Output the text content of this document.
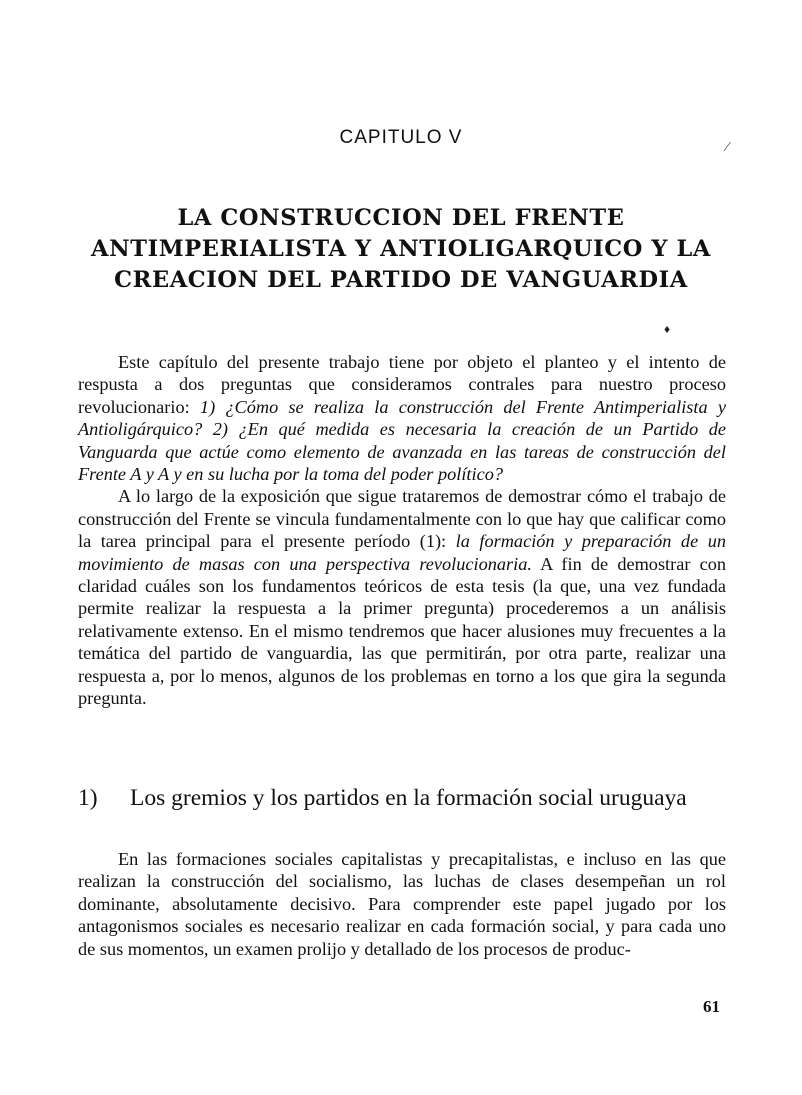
CAPITULO V	⁄
LA CONSTRUCCION DEL FRENTE
ANTIMPERIALISTA Y ANTIOLIGARQUICO Y LA
CREACION DEL PARTIDO DE VANGUARDIA
♦

Este capítulo del presente trabajo tiene por objeto el planteo y el intento de respusta a dos preguntas que consideramos contrales para nuestro proceso revolucionario: 1) ¿Cómo se realiza la construcción del Frente Antimperialista y Antioligárquico? 2) ¿En qué medida es necesaria la creación de un Partido de Vanguarda que actúe como elemento de avanzada en las tareas de construcción del Frente A y A y en su lucha por la toma del poder político?

A lo largo de la exposición que sigue trataremos de demostrar cómo el trabajo de construcción del Frente se vincula fundamentalmente con lo que hay que calificar como la tarea principal para el presente período (1): la formación y preparación de un movimiento de masas con una perspectiva revolucionaria. A fin de demostrar con claridad cuáles son los fundamentos teóricos de esta tesis (la que, una vez fundada permite realizar la respuesta a la primer pregunta) procederemos a un análisis relativamente extenso. En el mismo tendremos que hacer alusiones muy frecuentes a la temática del partido de vanguardia, las que permitirán, por otra parte, realizar una respuesta a, por lo menos, algunos de los problemas en torno a los que gira la segunda pregunta.

1) Los gremios y los partidos en la formación social uruguaya

En las formaciones sociales capitalistas y precapitalistas, e incluso en las que realizan la construcción del socialismo, las luchas de clases desempeñan un rol dominante, absolutamente decisivo. Para comprender este papel jugado por los antagonismos sociales es necesario realizar en cada formación social, y para cada uno de sus momentos, un examen prolijo y detallado de los procesos de produc-

61
